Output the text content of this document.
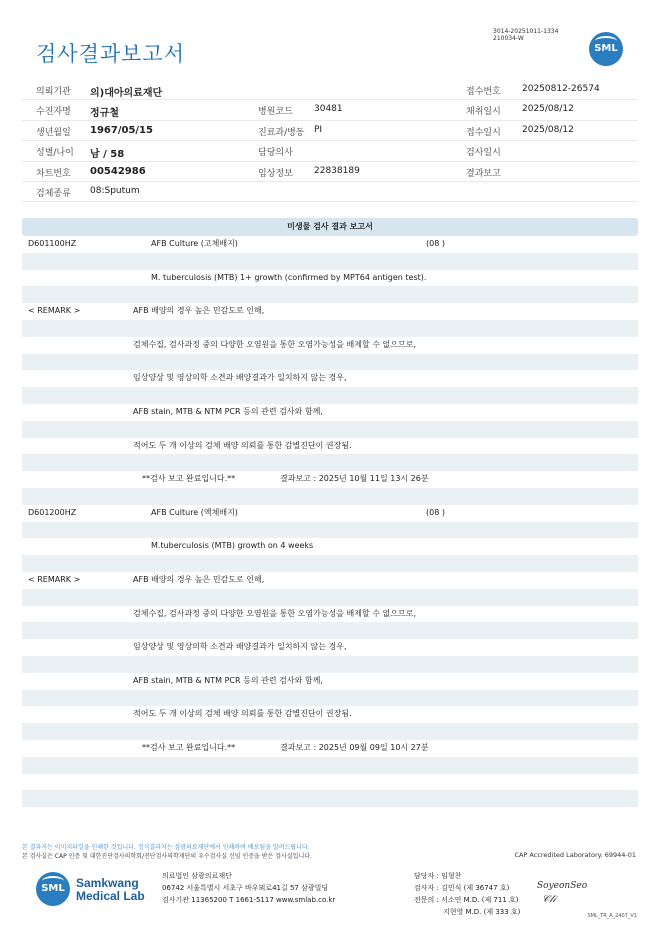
3014-20251011-1334
210034-W
검사결과보고서	SML
의뢰기관 의)대아의료재단	접수번호 20250812-26574
수진자명 정규철	병원코드 30481	채취일시 2025/08/12
생년월일 1967/05/15	진료과/병동 PI	접수일시 2025/08/12
성별/나이 남 / 58	담당의사	검사일시
차트번호 00542986	임상정보 22838189	결과보고
검체종류 08:Sputum
미생물 검사 결과 보고서
D601100HZ	AFB Culture (고체배지)	(08 )
M. tuberculosis (MTB) 1+ growth (confirmed by MPT64 antigen test).
< REMARK >	AFB 배양의 경우 높은 민감도로 인해,
검체수집, 검사과정 중의 다양한 오염원을 통한 오염가능성을 배제할 수 없으므로,
임상양상 및 영상의학 소견과 배양결과가 일치하지 않는 경우,
AFB stain, MTB & NTM PCR 등의 관련 검사와 함께,
적어도 두 개 이상의 검체 배양 의뢰를 통한 감별진단이 권장됨.
**검사 보고 완료입니다.**	결과보고 : 2025년 10월 11일 13시 26분
D601200HZ	AFB Culture (액체배지)	(08 )
M.tuberculosis (MTB) growth on 4 weeks
< REMARK >	AFB 배양의 경우 높은 민감도로 인해,
검체수집, 검사과정 중의 다양한 오염원을 통한 오염가능성을 배제할 수 없으므로,
임상양상 및 영상의학 소견과 배양결과가 일치하지 않는 경우,
AFB stain, MTB & NTM PCR 등의 관련 검사와 함께,
적어도 두 개 이상의 검체 배양 의뢰를 통한 감별진단이 권장됨.
**검사 보고 완료입니다.**	결과보고 : 2025년 09월 09일 10시 27분
본 결과지는 이미지파일을 인쇄한 것입니다. 정식결과지는 삼광의료재단에서 인쇄하여 배포됨을 알려드립니다.
본 검사실은 CAP 인증 및 대한진단검사의학회/진단검사의학재단의 우수검사실 신임 인증을 받은 검사실입니다.	CAP Accredited Laboratory. 69944-01
SML Samkwang
Medical Lab
의료법인 삼광의료재단
06742 서울특별시 서초구 바우뫼로41길 57 삼광빌딩
검사기관 11365200 T 1661-5117 www.smlab.co.kr
담당자 : 임형찬
검사자 : 김민식 (제 36747 호)
전문의 : 서소연 M.D. (제 711 호)
지현영 M.D. (제 333 호)
SoyeonSeo
𝒞𝓁𝒾
SML_TR_A_2407_V1
